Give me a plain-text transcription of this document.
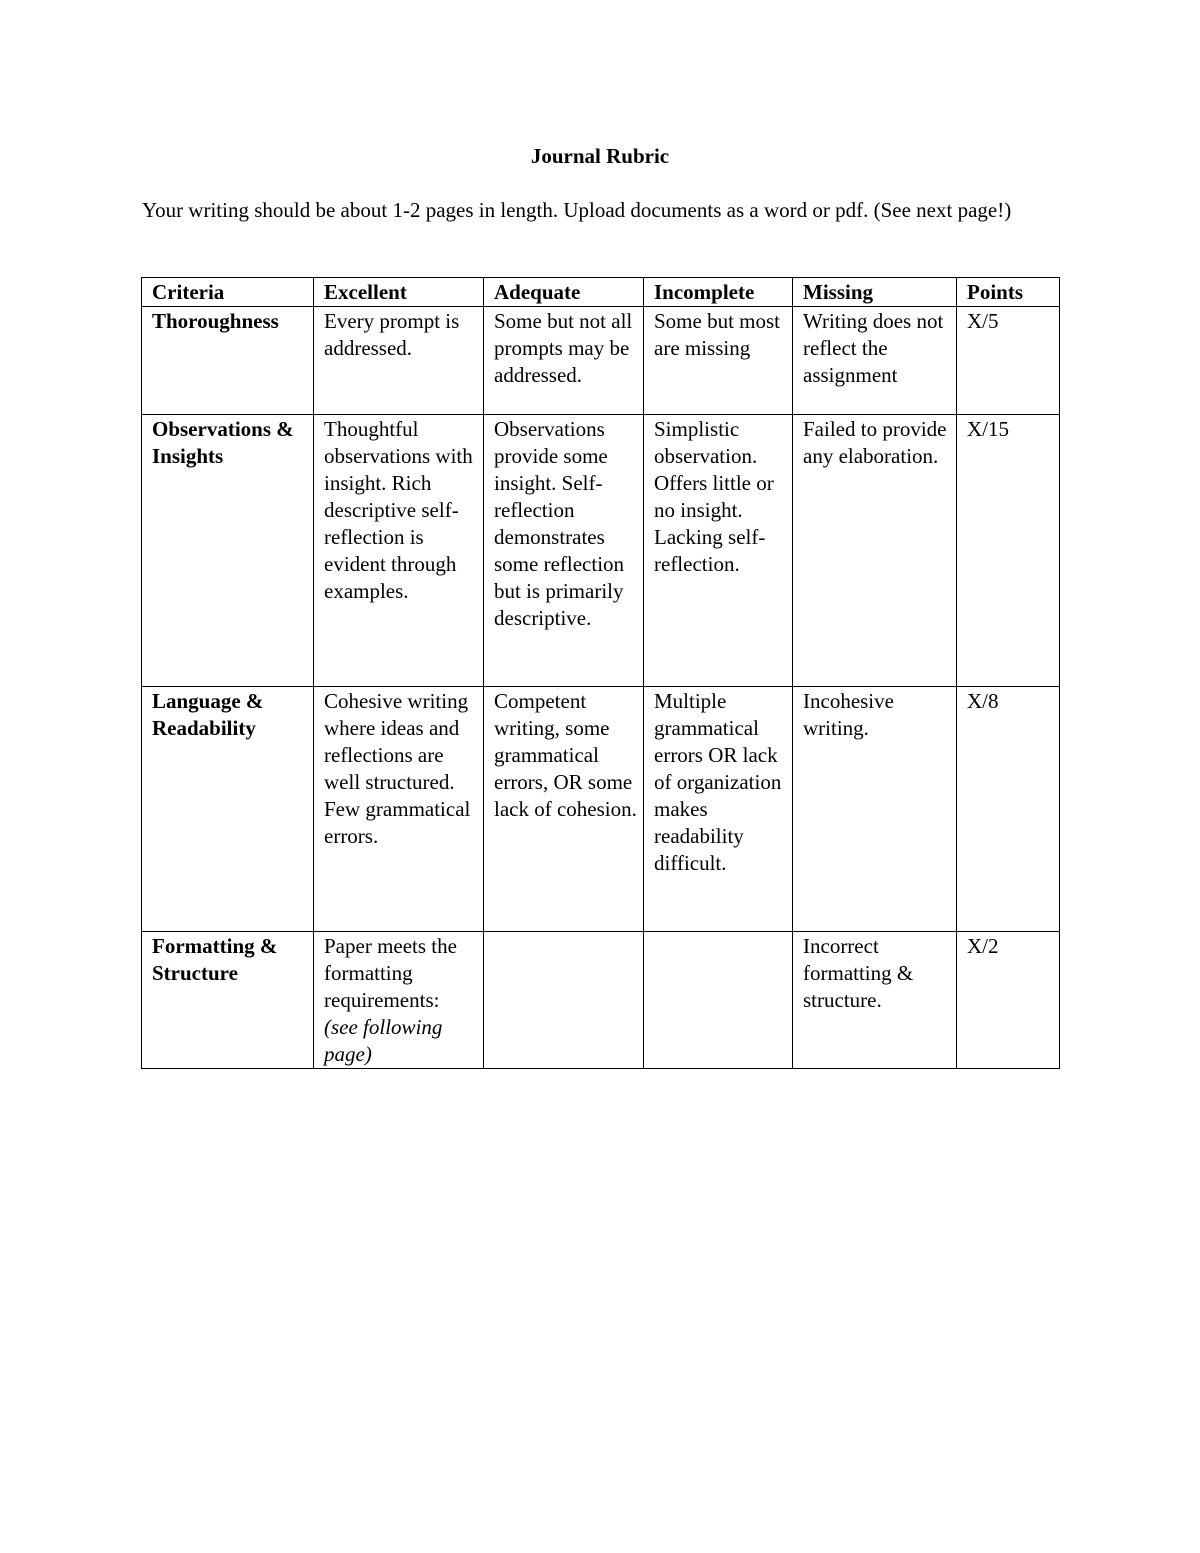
Journal Rubric
Your writing should be about 1-2 pages in length. Upload documents as a word or pdf. (See next page!)
Criteria	Excellent	Adequate	Incomplete	Missing	Points
Thoroughness	Every prompt is addressed.	Some but not all prompts may be addressed.	Some but most are missing	Writing does not reflect the assignment	X/5
Observations & Insights	Thoughtful observations with insight. Rich descriptive self-reflection is evident through examples.	Observations provide some insight. Self-reflection demonstrates some reflection but is primarily descriptive.	Simplistic observation. Offers little or no insight. Lacking self-reflection.	Failed to provide any elaboration.	X/15
Language & Readability	Cohesive writing where ideas and reflections are well structured. Few grammatical errors.	Competent writing, some grammatical errors, OR some lack of cohesion.	Multiple grammatical errors OR lack of organization makes readability difficult.	Incohesive writing.	X/8
Formatting & Structure	Paper meets the formatting requirements: (see following page)			Incorrect formatting & structure.	X/2
